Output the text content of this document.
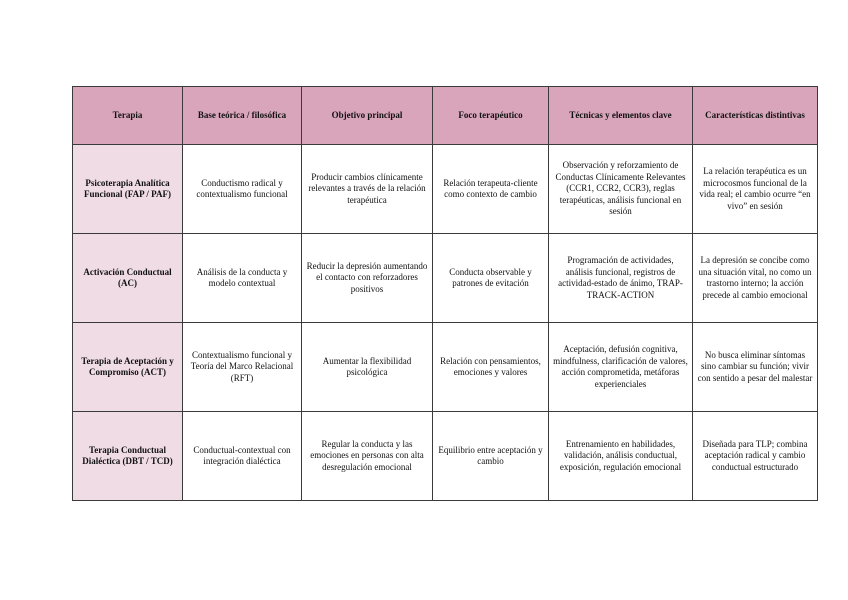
Terapia	Base teórica / filosófica	Objetivo principal	Foco terapéutico	Técnicas y elementos clave	Características distintivas
Psicoterapia Analítica Funcional (FAP / PAF)	Conductismo radical y contextualismo funcional	Producir cambios clínicamente relevantes a través de la relación terapéutica	Relación terapeuta-cliente como contexto de cambio	Observación y reforzamiento de Conductas Clínicamente Relevantes (CCR1, CCR2, CCR3), reglas terapéuticas, análisis funcional en sesión	La relación terapéutica es un microcosmos funcional de la vida real; el cambio ocurre “en vivo” en sesión
Activación Conductual (AC)	Análisis de la conducta y modelo contextual	Reducir la depresión aumentando el contacto con reforzadores positivos	Conducta observable y patrones de evitación	Programación de actividades, análisis funcional, registros de actividad-estado de ánimo, TRAP-TRACK-ACTION	La depresión se concibe como una situación vital, no como un trastorno interno; la acción precede al cambio emocional
Terapia de Aceptación y Compromiso (ACT)	Contextualismo funcional y Teoría del Marco Relacional (RFT)	Aumentar la flexibilidad psicológica	Relación con pensamientos, emociones y valores	Aceptación, defusión cognitiva, mindfulness, clarificación de valores, acción comprometida, metáforas experienciales	No busca eliminar síntomas sino cambiar su función; vivir con sentido a pesar del malestar
Terapia Conductual Dialéctica (DBT / TCD)	Conductual-contextual con integración dialéctica	Regular la conducta y las emociones en personas con alta desregulación emocional	Equilibrio entre aceptación y cambio	Entrenamiento en habilidades, validación, análisis conductual, exposición, regulación emocional	Diseñada para TLP; combina aceptación radical y cambio conductual estructurado
